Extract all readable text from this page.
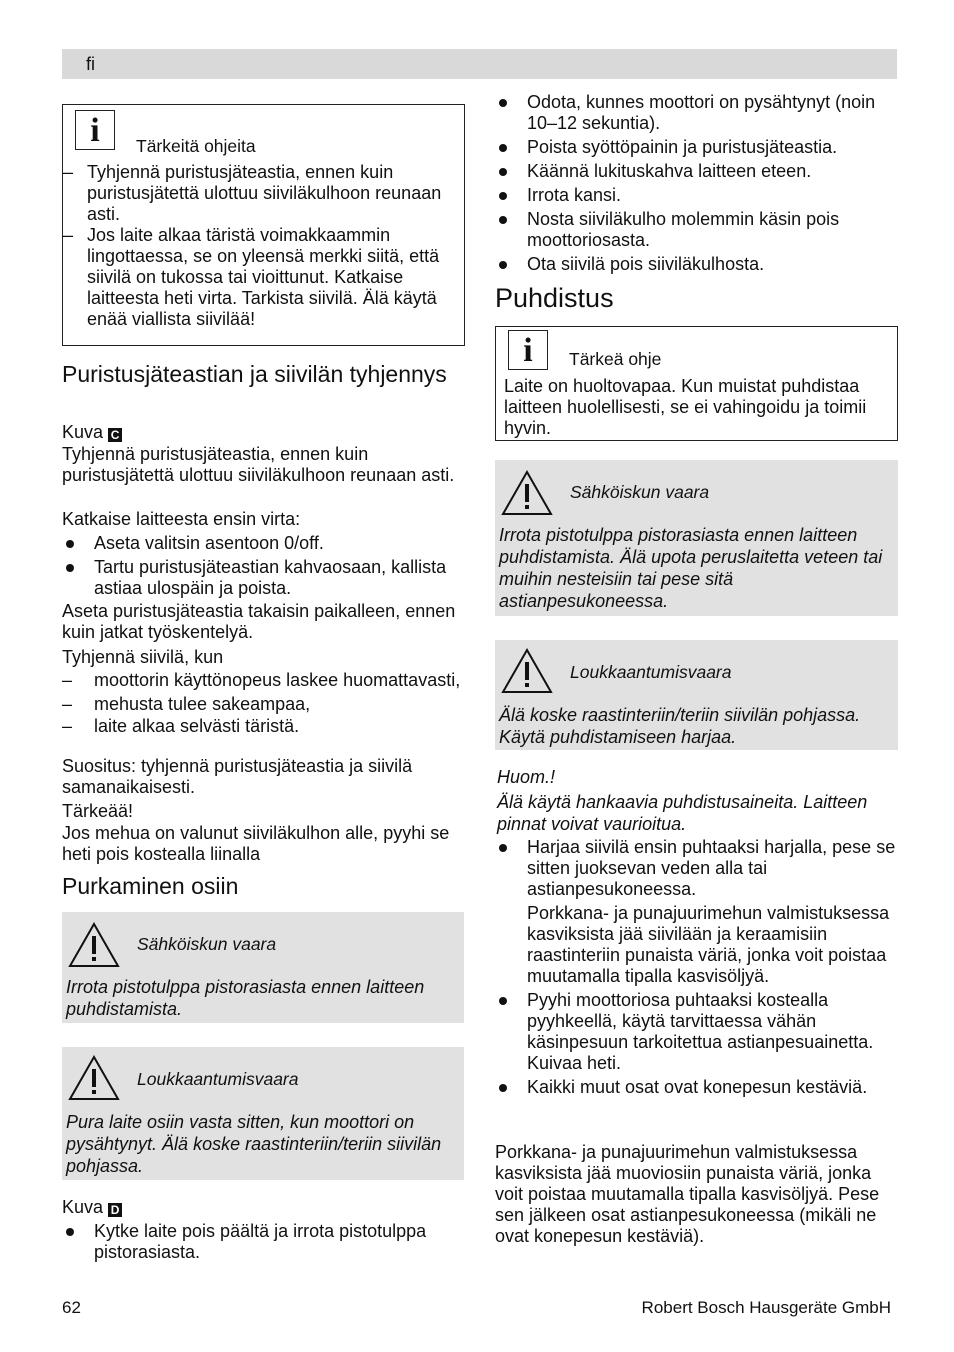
fi
i	Tärkeitä ohjeita
– Tyhjennä puristusjäteastia, ennen kuin puristusjätettä ulottuu siiviläkulhoon reunaan asti.
– Jos laite alkaa täristä voimakkaammin lingottaessa, se on yleensä merkki siitä, että siivilä on tukossa tai vioittunut. Katkaise laitteesta heti virta. Tarkista siivilä. Älä käytä enää viallista siivilää!
Puristusjäteastian ja siivilän tyhjennys
Kuva C
Tyhjennä puristusjäteastia, ennen kuin puristusjätettä ulottuu siiviläkulhoon reunaan asti.
Katkaise laitteesta ensin virta:
Aseta valitsin asentoon 0/off.
Tartu puristusjäteastian kahvaosaan, kallista astiaa ulospäin ja poista.
Aseta puristusjäteastia takaisin paikalleen, ennen kuin jatkat työskentelyä.
Tyhjennä siivilä, kun
– moottorin käyttönopeus laskee huomattavasti,
– mehusta tulee sakeampaa,
– laite alkaa selvästi täristä.
Suositus: tyhjennä puristusjäteastia ja siivilä samanaikaisesti.
Tärkeää!
Jos mehua on valunut siiviläkulhon alle, pyyhi se heti pois kostealla liinalla
Purkaminen osiin
Sähköiskun vaara
Irrota pistotulppa pistorasiasta ennen laitteen puhdistamista.
Loukkaantumisvaara
Pura laite osiin vasta sitten, kun moottori on pysähtynyt. Älä koske raastinteriin/teriin siivilän pohjassa.
Kuva D
Kytke laite pois päältä ja irrota pistotulppa pistorasiasta.
Odota, kunnes moottori on pysähtynyt (noin 10–12 sekuntia).
Poista syöttöpainin ja puristusjäteastia.
Käännä lukituskahva laitteen eteen.
Irrota kansi.
Nosta siiviläkulho molemmin käsin pois moottoriosasta.
Ota siivilä pois siiviläkulhosta.
Puhdistus
i	Tärkeä ohje
Laite on huoltovapaa. Kun muistat puhdistaa laitteen huolellisesti, se ei vahingoidu ja toimii hyvin.
Sähköiskun vaara
Irrota pistotulppa pistorasiasta ennen laitteen puhdistamista. Älä upota peruslaitetta veteen tai muihin nesteisiin tai pese sitä astianpesukoneessa.
Loukkaantumisvaara
Älä koske raastinteriin/teriin siivilän pohjassa. Käytä puhdistamiseen harjaa.
Huom.!
Älä käytä hankaavia puhdistusaineita. Laitteen pinnat voivat vaurioitua.
Harjaa siivilä ensin puhtaaksi harjalla, pese se sitten juoksevan veden alla tai astianpesukoneessa.
Porkkana- ja punajuurimehun valmistuksessa kasviksista jää siivilään ja keraamisiin raastinteriin punaista väriä, jonka voit poistaa muutamalla tipalla kasvisöljyä.
Pyyhi moottoriosa puhtaaksi kostealla pyyhkeellä, käytä tarvittaessa vähän käsinpesuun tarkoitettua astianpesuainetta. Kuivaa heti.
Kaikki muut osat ovat konepesun kestäviä.
Porkkana- ja punajuurimehun valmistuksessa kasviksista jää muoviosiin punaista väriä, jonka voit poistaa muutamalla tipalla kasvisöljyä. Pese sen jälkeen osat astianpesukoneessa (mikäli ne ovat konepesun kestäviä).
62	Robert Bosch Hausgeräte GmbH
